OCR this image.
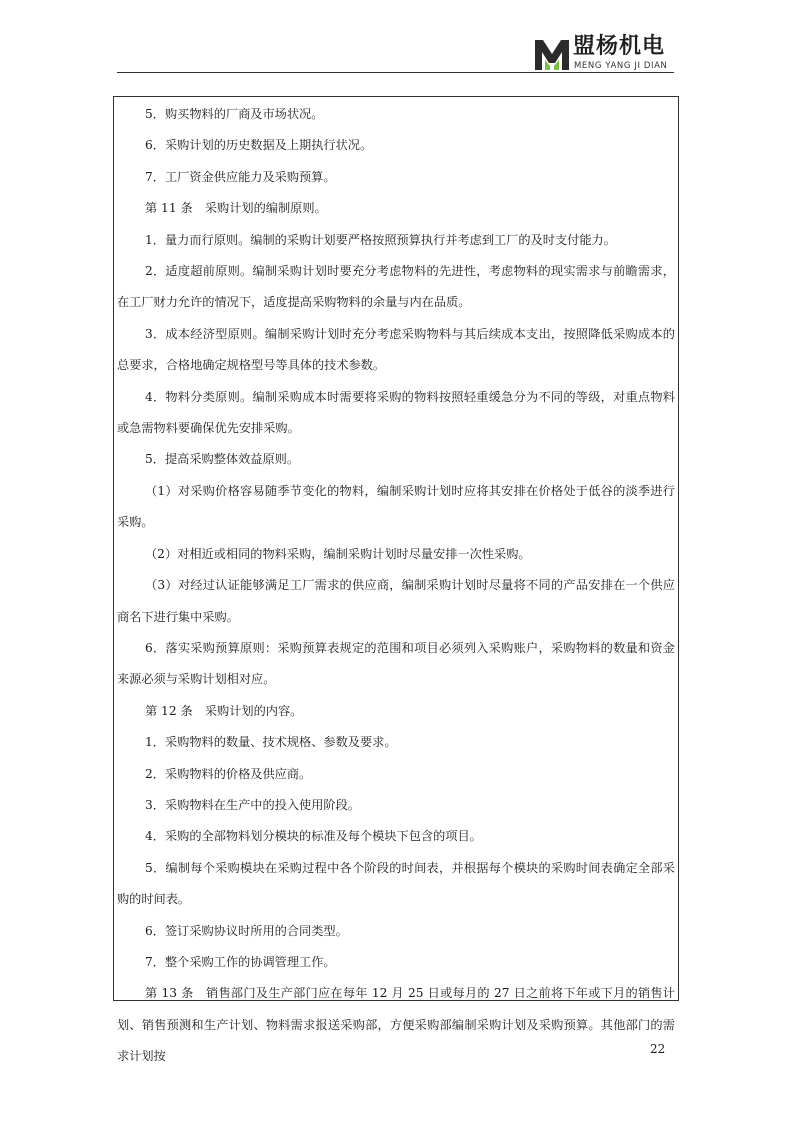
盟杨机电
MENG YANG JI DIAN

5．购买物料的厂商及市场状况。

6．采购计划的历史数据及上期执行状况。

7．工厂资金供应能力及采购预算。

第 11 条　采购计划的编制原则。

1．量力而行原则。编制的采购计划要严格按照预算执行并考虑到工厂的及时支付能力。

2．适度超前原则。编制采购计划时要充分考虑物料的先进性，考虑物料的现实需求与前瞻需求，在工厂财力允许的情况下，适度提高采购物料的余量与内在品质。

3．成本经济型原则。编制采购计划时充分考虑采购物料与其后续成本支出，按照降低采购成本的总要求，合格地确定规格型号等具体的技术参数。

4．物料分类原则。编制采购成本时需要将采购的物料按照轻重缓急分为不同的等级，对重点物料或急需物料要确保优先安排采购。

5．提高采购整体效益原则。

（1）对采购价格容易随季节变化的物料，编制采购计划时应将其安排在价格处于低谷的淡季进行采购。

（2）对相近或相同的物料采购，编制采购计划时尽量安排一次性采购。

（3）对经过认证能够满足工厂需求的供应商，编制采购计划时尽量将不同的产品安排在一个供应商名下进行集中采购。

6．落实采购预算原则：采购预算表规定的范围和项目必须列入采购账户，采购物料的数量和资金来源必须与采购计划相对应。

第 12 条　采购计划的内容。

1．采购物料的数量、技术规格、参数及要求。

2．采购物料的价格及供应商。

3．采购物料在生产中的投入使用阶段。

4．采购的全部物料划分模块的标准及每个模块下包含的项目。

5．编制每个采购模块在采购过程中各个阶段的时间表，并根据每个模块的采购时间表确定全部采购的时间表。

6．签订采购协议时所用的合同类型。

7．整个采购工作的协调管理工作。

第 13 条　销售部门及生产部门应在每年 12 月 25 日或每月的 27 日之前将下年或下月的销售计划、销售预测和生产计划、物料需求报送采购部，方便采购部编制采购计划及采购预算。其他部门的需求计划按

22
